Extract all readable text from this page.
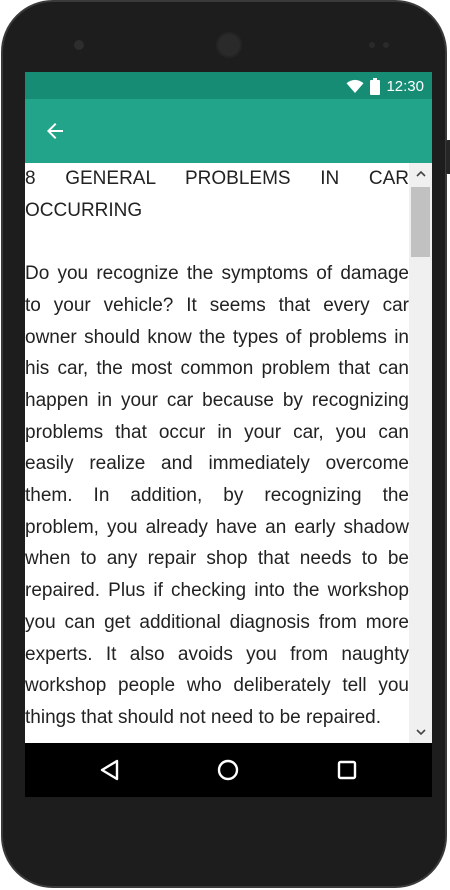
12:30
8 GENERAL PROBLEMS IN CAR OCCURRING

Do you recognize the symptoms of damage to your vehicle? It seems that every car owner should know the types of problems in his car, the most common problem that can happen in your car because by recognizing problems that occur in your car, you can easily realize and immediately overcome them. In addition, by recognizing the problem, you already have an early shadow when to any repair shop that needs to be repaired. Plus if checking into the workshop you can get additional diagnosis from more experts. It also avoids you from naughty workshop people who deliberately tell you things that should not need to be repaired.
